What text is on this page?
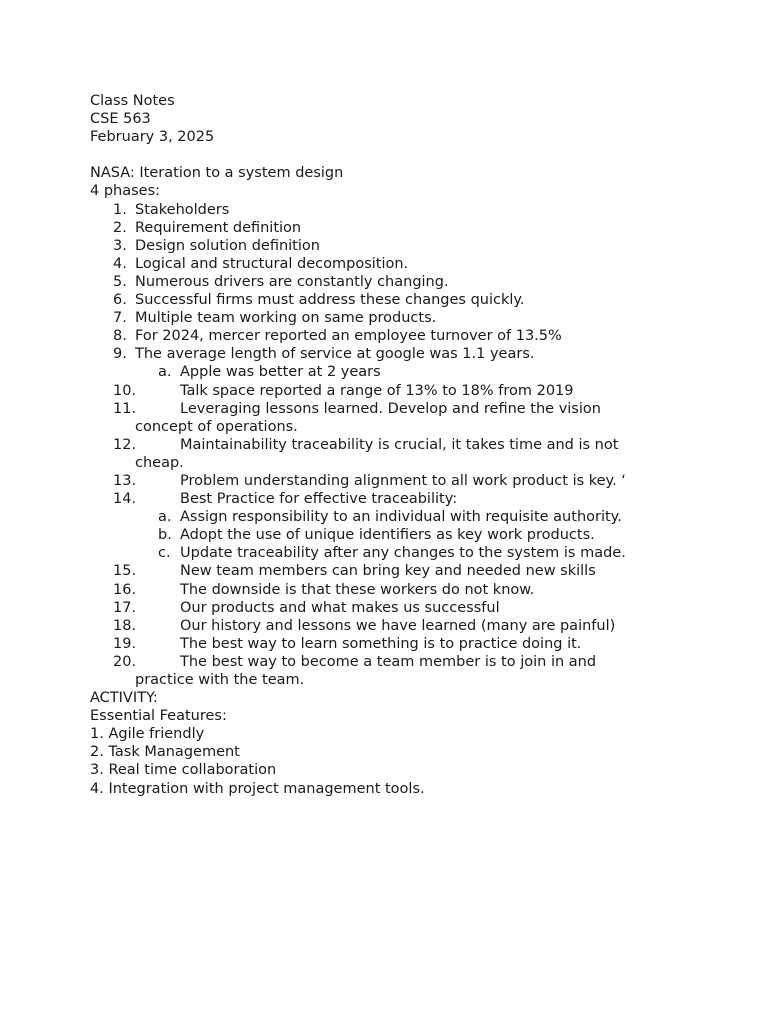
Class Notes
CSE 563
February 3, 2025
NASA: Iteration to a system design
4 phases:
1. Stakeholders
2. Requirement definition
3. Design solution definition
4. Logical and structural decomposition.
5. Numerous drivers are constantly changing.
6. Successful firms must address these changes quickly.
7. Multiple team working on same products.
8. For 2024, mercer reported an employee turnover of 13.5%
9. The average length of service at google was 1.1 years.
a. Apple was better at 2 years
10.	Talk space reported a range of 13% to 18% from 2019
11.	Leveraging lessons learned. Develop and refine the vision
concept of operations.
12.	Maintainability traceability is crucial, it takes time and is not
cheap.
13.	Problem understanding alignment to all work product is key. ‘
14.	Best Practice for effective traceability:
a. Assign responsibility to an individual with requisite authority.
b. Adopt the use of unique identifiers as key work products.
c. Update traceability after any changes to the system is made.
15.	New team members can bring key and needed new skills
16.	The downside is that these workers do not know.
17.	Our products and what makes us successful
18.	Our history and lessons we have learned (many are painful)
19.	The best way to learn something is to practice doing it.
20.	The best way to become a team member is to join in and
practice with the team.
ACTIVITY:
Essential Features:
1. Agile friendly
2. Task Management
3. Real time collaboration
4. Integration with project management tools.
